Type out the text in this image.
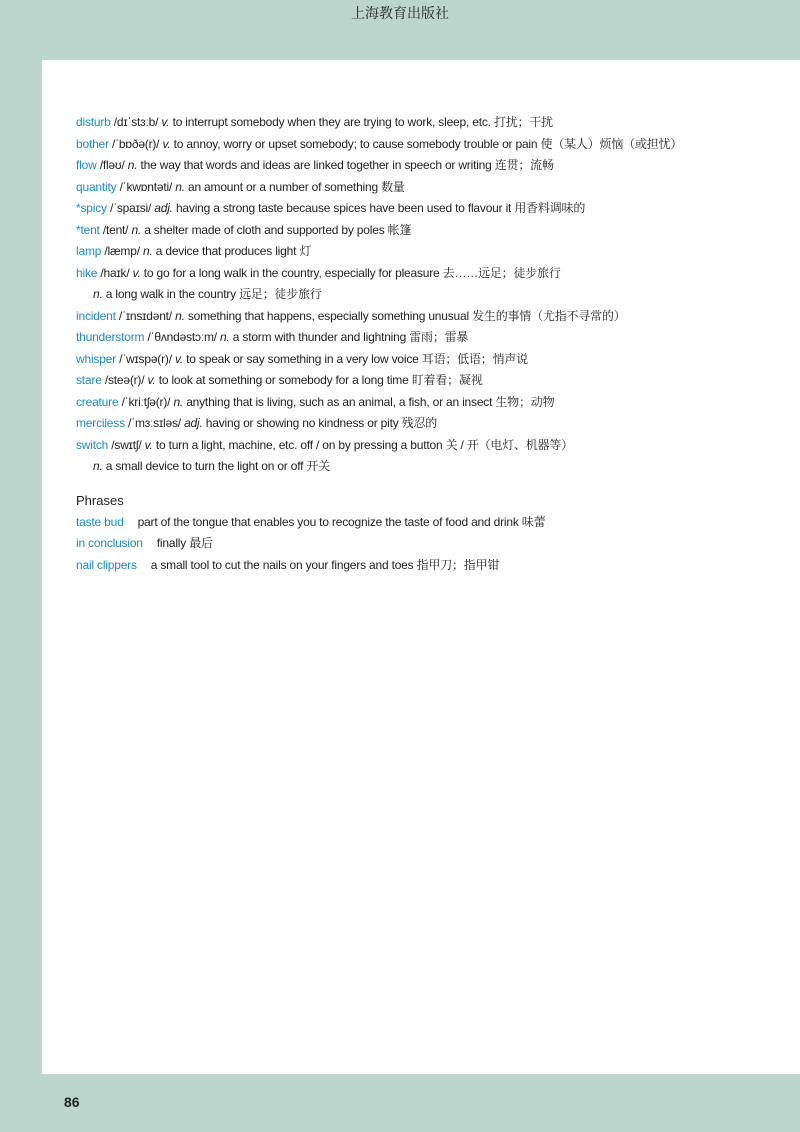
上海教育出版社
disturb /dɪˈstɜːb/ v. to interrupt somebody when they are trying to work, sleep, etc. 打扰；干扰
bother /ˈbɒðə(r)/ v. to annoy, worry or upset somebody; to cause somebody trouble or pain 使（某人）烦恼（或担忧）
flow /fləʊ/ n. the way that words and ideas are linked together in speech or writing 连贯；流畅
quantity /ˈkwɒntəti/ n. an amount or a number of something 数量
*spicy /ˈspaɪsi/ adj. having a strong taste because spices have been used to flavour it 用香料调味的
*tent /tent/ n. a shelter made of cloth and supported by poles 帐篷
lamp /læmp/ n. a device that produces light 灯
hike /haɪk/ v. to go for a long walk in the country, especially for pleasure 去……远足；徒步旅行
n. a long walk in the country 远足；徒步旅行
incident /ˈɪnsɪdənt/ n. something that happens, especially something unusual 发生的事情（尤指不寻常的）
thunderstorm /ˈθʌndəstɔːm/ n. a storm with thunder and lightning 雷雨；雷暴
whisper /ˈwɪspə(r)/ v. to speak or say something in a very low voice 耳语；低语；悄声说
stare /steə(r)/ v. to look at something or somebody for a long time 盯着看；凝视
creature /ˈkriːtʃə(r)/ n. anything that is living, such as an animal, a fish, or an insect 生物；动物
merciless /ˈmɜːsɪləs/ adj. having or showing no kindness or pity 残忍的
switch /swɪtʃ/ v. to turn a light, machine, etc. off / on by pressing a button 关 / 开（电灯、机器等）
n. a small device to turn the light on or off 开关
Phrases
taste bud part of the tongue that enables you to recognize the taste of food and drink 味蕾
in conclusion finally 最后
nail clippers a small tool to cut the nails on your fingers and toes 指甲刀；指甲钳
86
